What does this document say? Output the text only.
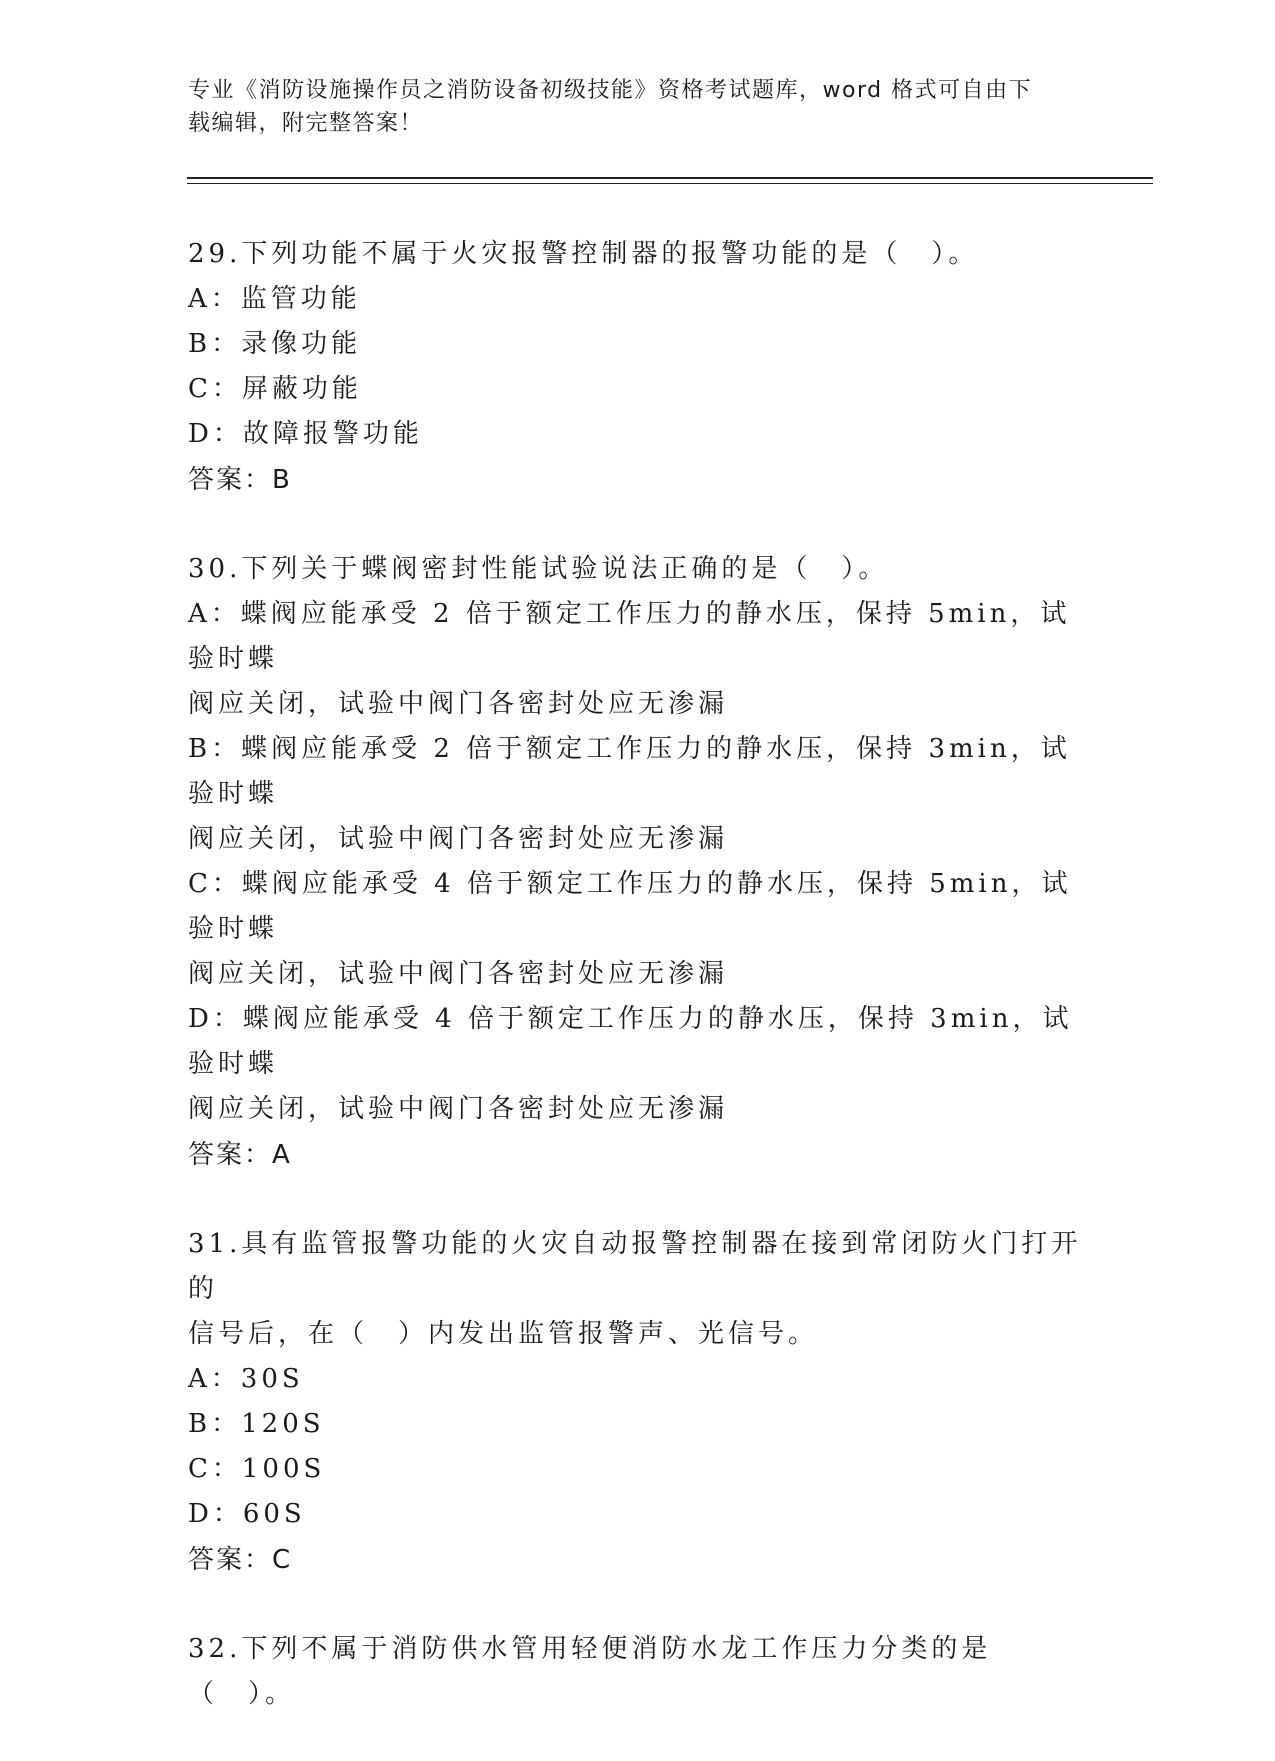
专业《消防设施操作员之消防设备初级技能》资格考试题库，word 格式可自由下
载编辑，附完整答案！
29.下列功能不属于火灾报警控制器的报警功能的是（　）。
A：监管功能
B：录像功能
C：屏蔽功能
D：故障报警功能
答案：B
30.下列关于蝶阀密封性能试验说法正确的是（　）。
A：蝶阀应能承受 2 倍于额定工作压力的静水压，保持 5min，试验时蝶
阀应关闭，试验中阀门各密封处应无渗漏
B：蝶阀应能承受 2 倍于额定工作压力的静水压，保持 3min，试验时蝶
阀应关闭，试验中阀门各密封处应无渗漏
C：蝶阀应能承受 4 倍于额定工作压力的静水压，保持 5min，试验时蝶
阀应关闭，试验中阀门各密封处应无渗漏
D：蝶阀应能承受 4 倍于额定工作压力的静水压，保持 3min，试验时蝶
阀应关闭，试验中阀门各密封处应无渗漏
答案：A
31.具有监管报警功能的火灾自动报警控制器在接到常闭防火门打开的
信号后，在（　）内发出监管报警声、光信号。
A：30S
B：120S
C：100S
D：60S
答案：C
32.下列不属于消防供水管用轻便消防水龙工作压力分类的是（　）。
